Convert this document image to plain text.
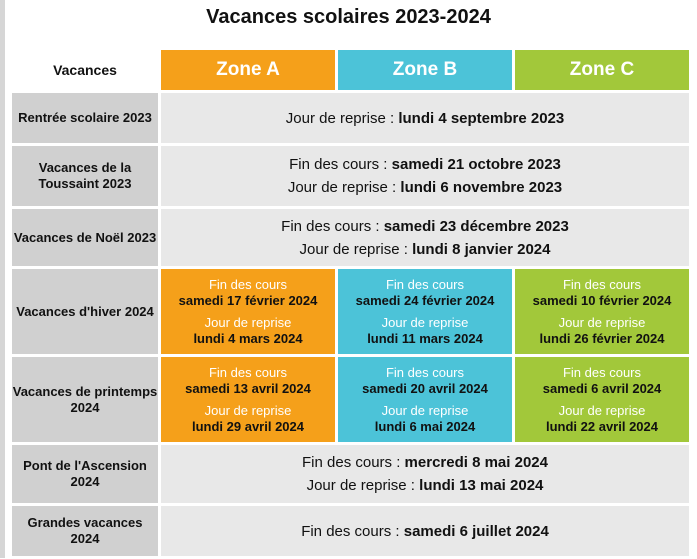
Vacances scolaires 2023-2024
Vacances	Zone A	Zone B	Zone C
Rentrée scolaire 2023	Jour de reprise : lundi 4 septembre 2023		
Vacances de la Toussaint 2023	Fin des cours : samedi 21 octobre 2023
Jour de reprise : lundi 6 novembre 2023		

Vacances de Noël 2023	Fin des cours : samedi 23 décembre 2023
Jour de reprise : lundi 8 janvier 2024		

Vacances d'hiver 2024	Fin des cours
samedi 17 février 2024
Jour de reprise
lundi 4 mars 2024	Fin des cours
samedi 24 février 2024
Jour de reprise
lundi 11 mars 2024	Fin des cours
samedi 10 février 2024
Jour de reprise
lundi 26 février 2024

Vacances de printemps 2024	Fin des cours
samedi 13 avril 2024
Jour de reprise
lundi 29 avril 2024	Fin des cours
samedi 20 avril 2024
Jour de reprise
lundi 6 mai 2024	Fin des cours
samedi 6 avril 2024
Jour de reprise
lundi 22 avril 2024

Pont de l'Ascension 2024	Fin des cours : mercredi 8 mai 2024
Jour de reprise : lundi 13 mai 2024		

Grandes vacances 2024	Fin des cours : samedi 6 juillet 2024		
